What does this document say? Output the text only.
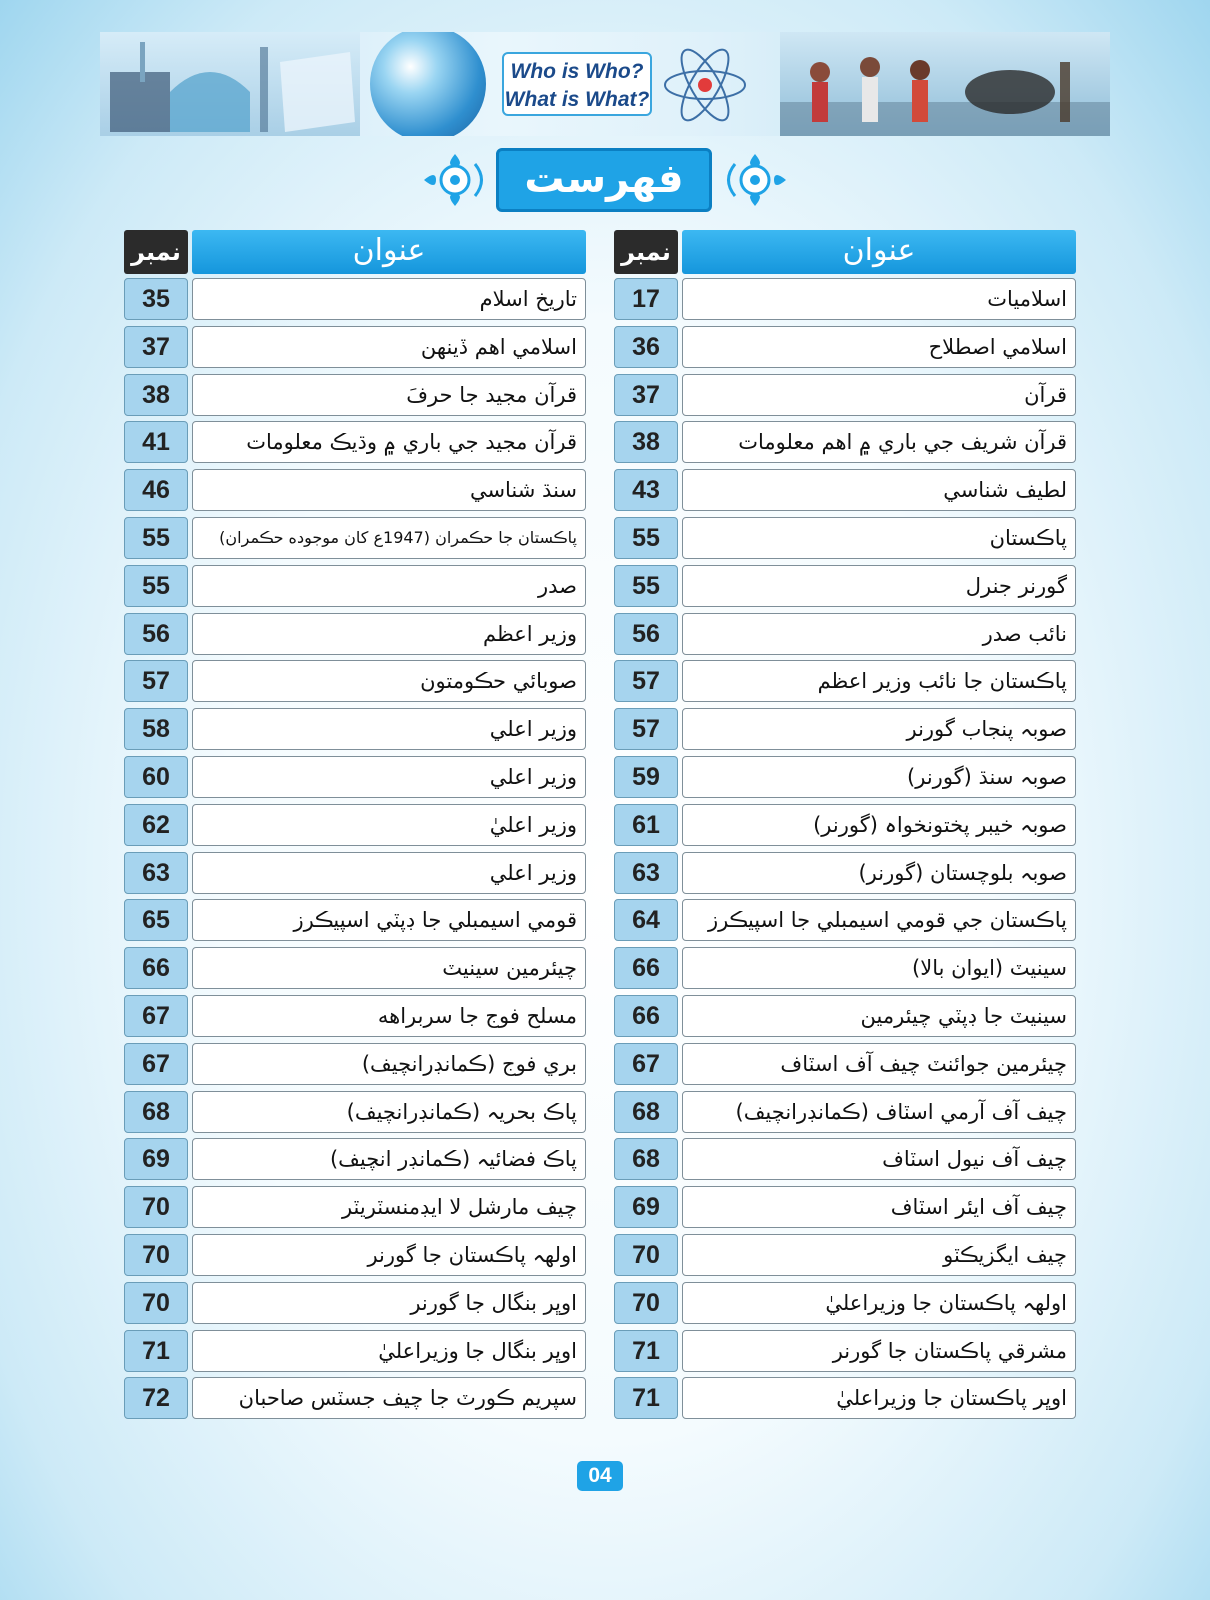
Who is Who?
What is What?
فهرست
نمبر	عنوان
35	تاريخ اسلام
37	اسلامي اهم ڏينهن
38	قرآن مجيد جا حرفَ
41	قرآن مجيد جي باري ۾ وڌيڪ معلومات
46	سنڌ شناسي
55	پاڪستان جا حڪمران (1947ع کان موجوده حڪمران)
55	صدر
56	وزير اعظم
57	صوبائي حڪومتون
58	وزير اعلي
60	وزير اعلي
62	وزير اعليٰ
63	وزير اعلي
65	قومي اسيمبلي جا ڊپٽي اسپيڪرز
66	چيئرمين سينيٽ
67	مسلح فوج جا سربراهه
67	بري فوج (ڪمانڊرانچيف)
68	پاڪ بحريہ (ڪمانڊرانچيف)
69	پاڪ فضائيہ (ڪمانڊر انچيف)
70	چيف مارشل لا ايڊمنسٽريٽر
70	اولهہ پاڪستان جا گورنر
70	اوڀر بنگال جا گورنر
71	اوڀر بنگال جا وزيراعليٰ
72	سپريم ڪورٽ جا چيف جسٽس صاحبان
نمبر	عنوان
17	اسلاميات
36	اسلامي اصطلاح
37	قرآن
38	قرآن شريف جي باري ۾ اهم معلومات
43	لطيف شناسي
55	پاڪستان
55	گورنر جنرل
56	نائب صدر
57	پاڪستان جا نائب وزير اعظم
57	صوبہ پنجاب گورنر
59	صوبہ سنڌ (گورنر)
61	صوبہ خيبر پختونخواہ (گورنر)
63	صوبہ بلوچستان (گورنر)
64	پاڪستان جي قومي اسيمبلي جا اسپيڪرز
66	سينيٽ (ايوان بالا)
66	سينيٽ جا ڊپٽي چيئرمين
67	چيئرمين جوائنٽ چيف آف اسٽاف
68	چيف آف آرمي اسٽاف (ڪمانڊرانچيف)
68	چيف آف نيول اسٽاف
69	چيف آف ايئر اسٽاف
70	چيف ايگزيڪٽو
70	اولهہ پاڪستان جا وزيراعليٰ
71	مشرقي پاڪستان جا گورنر
71	اوڀر پاڪستان جا وزيراعليٰ
04
